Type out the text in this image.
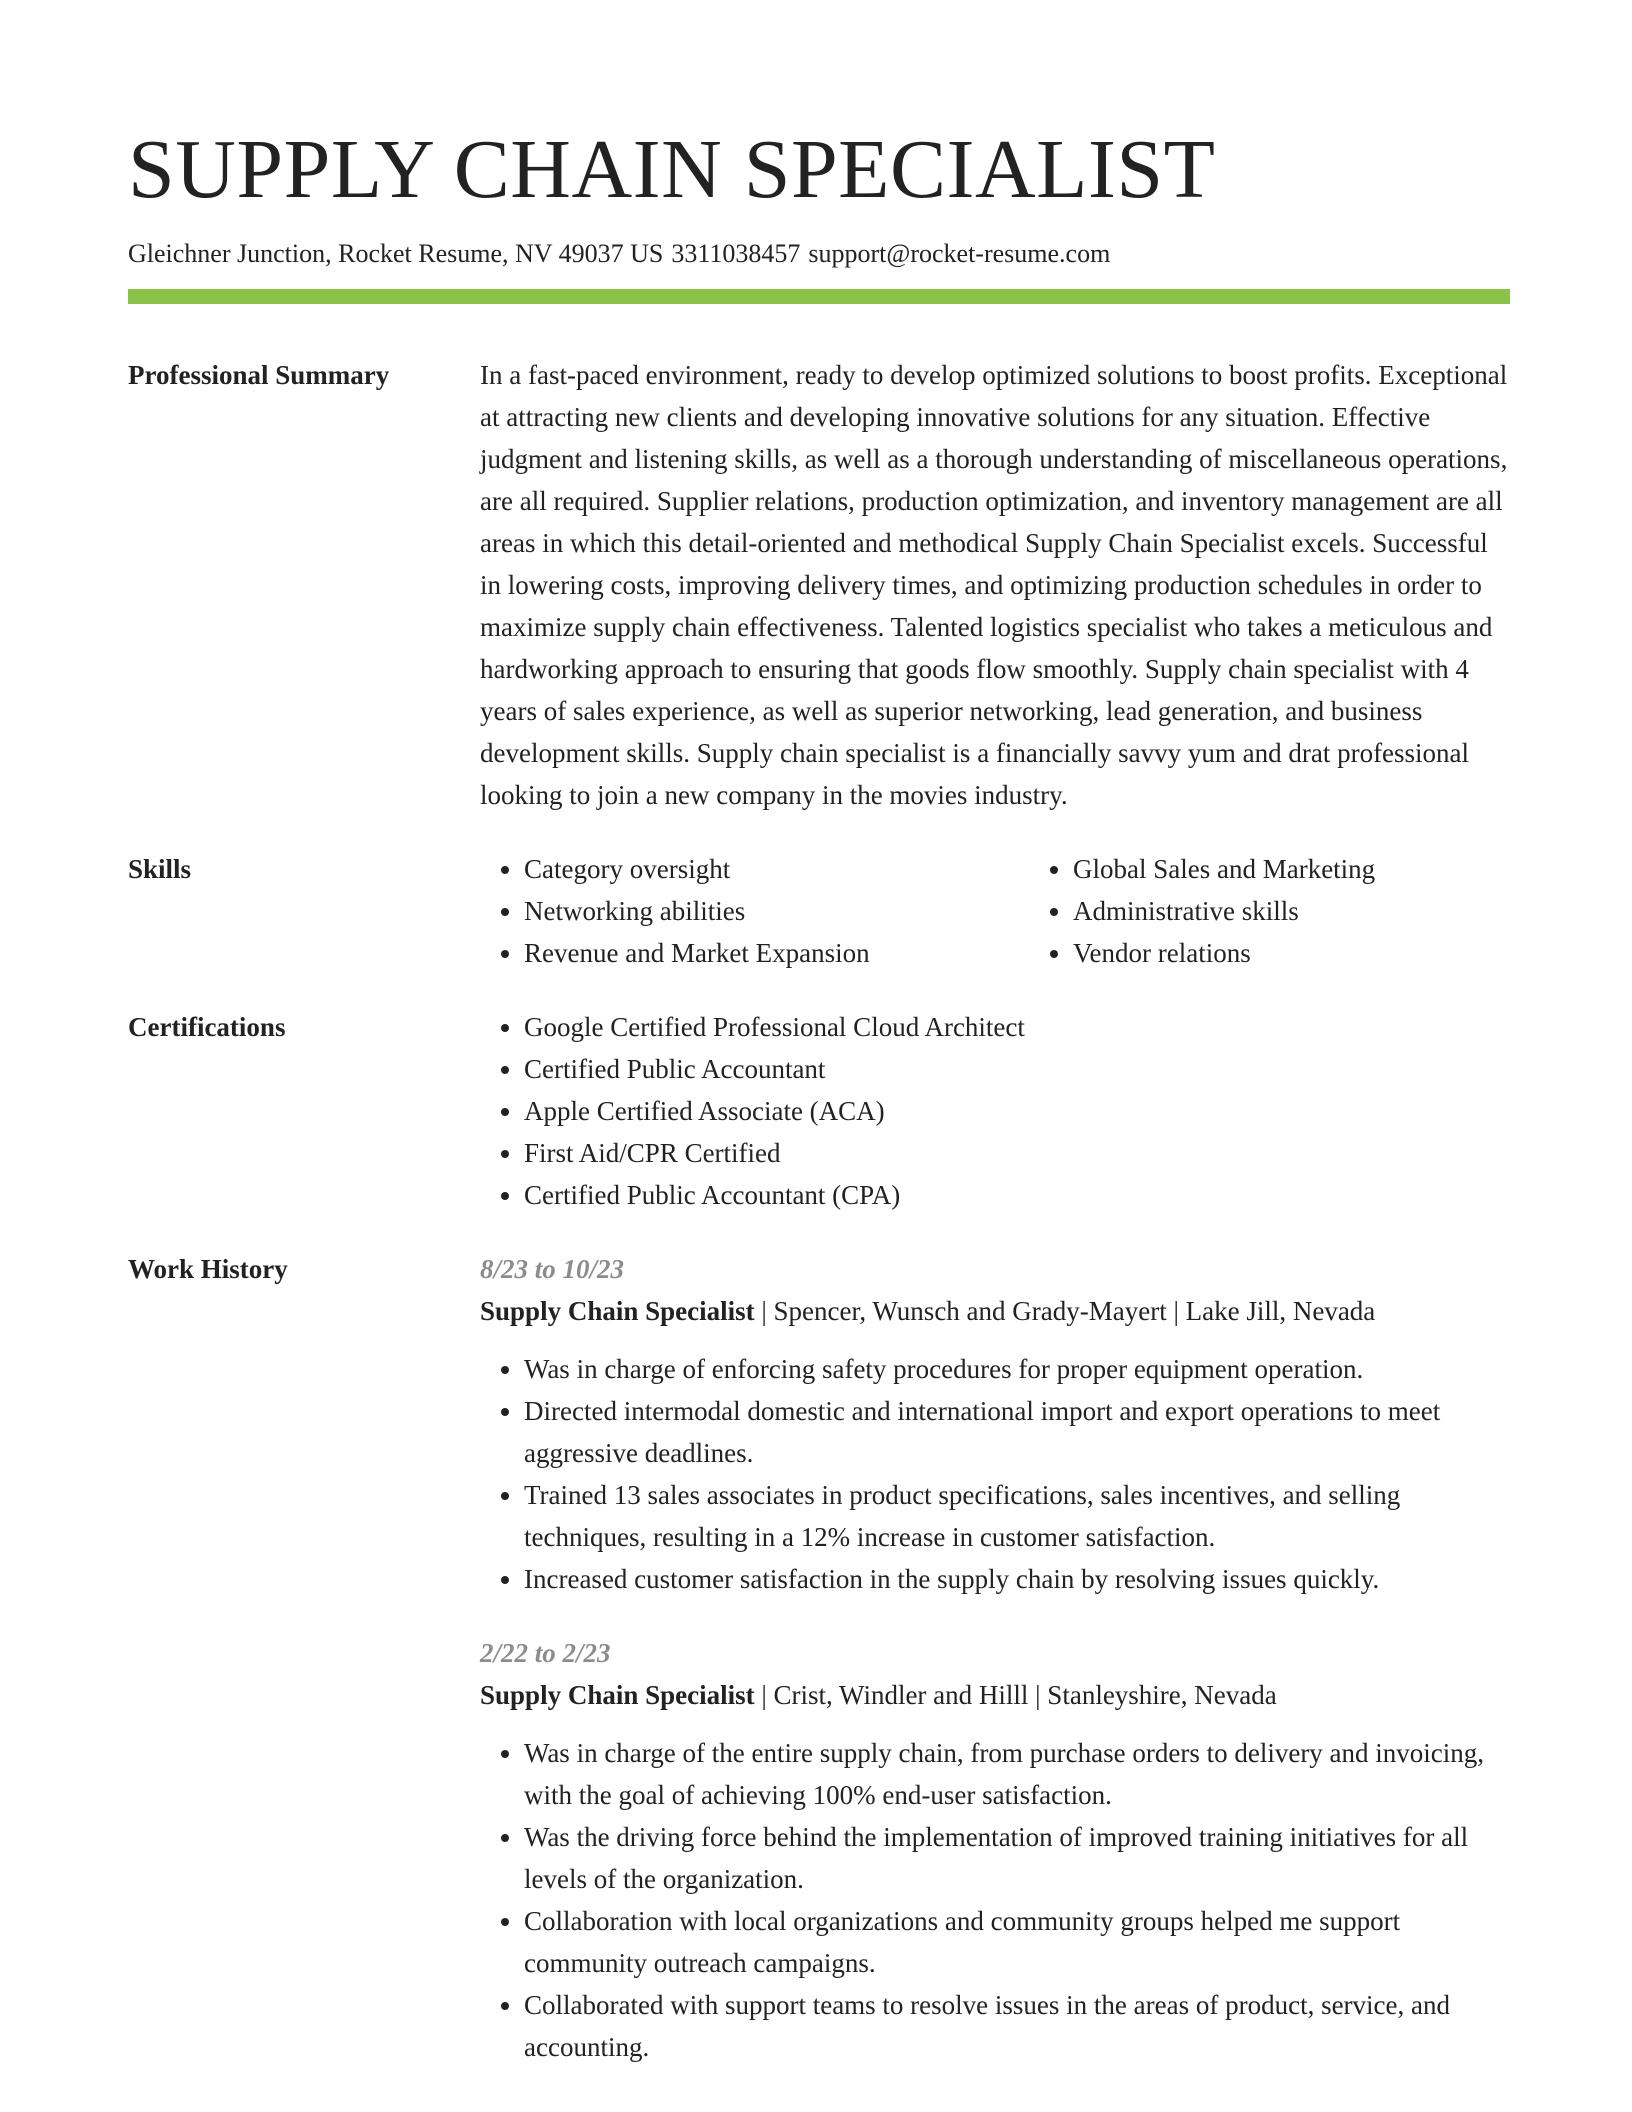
SUPPLY CHAIN SPECIALIST
Gleichner Junction, Rocket Resume, NV 49037 US 3311038457 support@rocket-resume.com
Professional Summary	In a fast-paced environment, ready to develop optimized solutions to boost profits. Exceptional at attracting new clients and developing innovative solutions for any situation. Effective judgment and listening skills, as well as a thorough understanding of miscellaneous operations, are all required. Supplier relations, production optimization, and inventory management are all areas in which this detail-oriented and methodical Supply Chain Specialist excels. Successful in lowering costs, improving delivery times, and optimizing production schedules in order to maximize supply chain effectiveness. Talented logistics specialist who takes a meticulous and hardworking approach to ensuring that goods flow smoothly. Supply chain specialist with 4 years of sales experience, as well as superior networking, lead generation, and business development skills. Supply chain specialist is a financially savvy yum and drat professional looking to join a new company in the movies industry.

Skills	• Category oversight
• Networking abilities
• Revenue and Market Expansion
• Global Sales and Marketing
• Administrative skills
• Vendor relations
Certifications	• Google Certified Professional Cloud Architect
• Certified Public Accountant
• Apple Certified Associate (ACA)
• First Aid/CPR Certified
• Certified Public Accountant (CPA)
Work History	8/23 to 10/23
Supply Chain Specialist | Spencer, Wunsch and Grady-Mayert | Lake Jill, Nevada
• Was in charge of enforcing safety procedures for proper equipment operation.
• Directed intermodal domestic and international import and export operations to meet aggressive deadlines.
• Trained 13 sales associates in product specifications, sales incentives, and selling techniques, resulting in a 12% increase in customer satisfaction.
• Increased customer satisfaction in the supply chain by resolving issues quickly.
2/22 to 2/23
Supply Chain Specialist | Crist, Windler and Hilll | Stanleyshire, Nevada
• Was in charge of the entire supply chain, from purchase orders to delivery and invoicing, with the goal of achieving 100% end-user satisfaction.
• Was the driving force behind the implementation of improved training initiatives for all levels of the organization.
• Collaboration with local organizations and community groups helped me support community outreach campaigns.
• Collaborated with support teams to resolve issues in the areas of product, service, and accounting.
